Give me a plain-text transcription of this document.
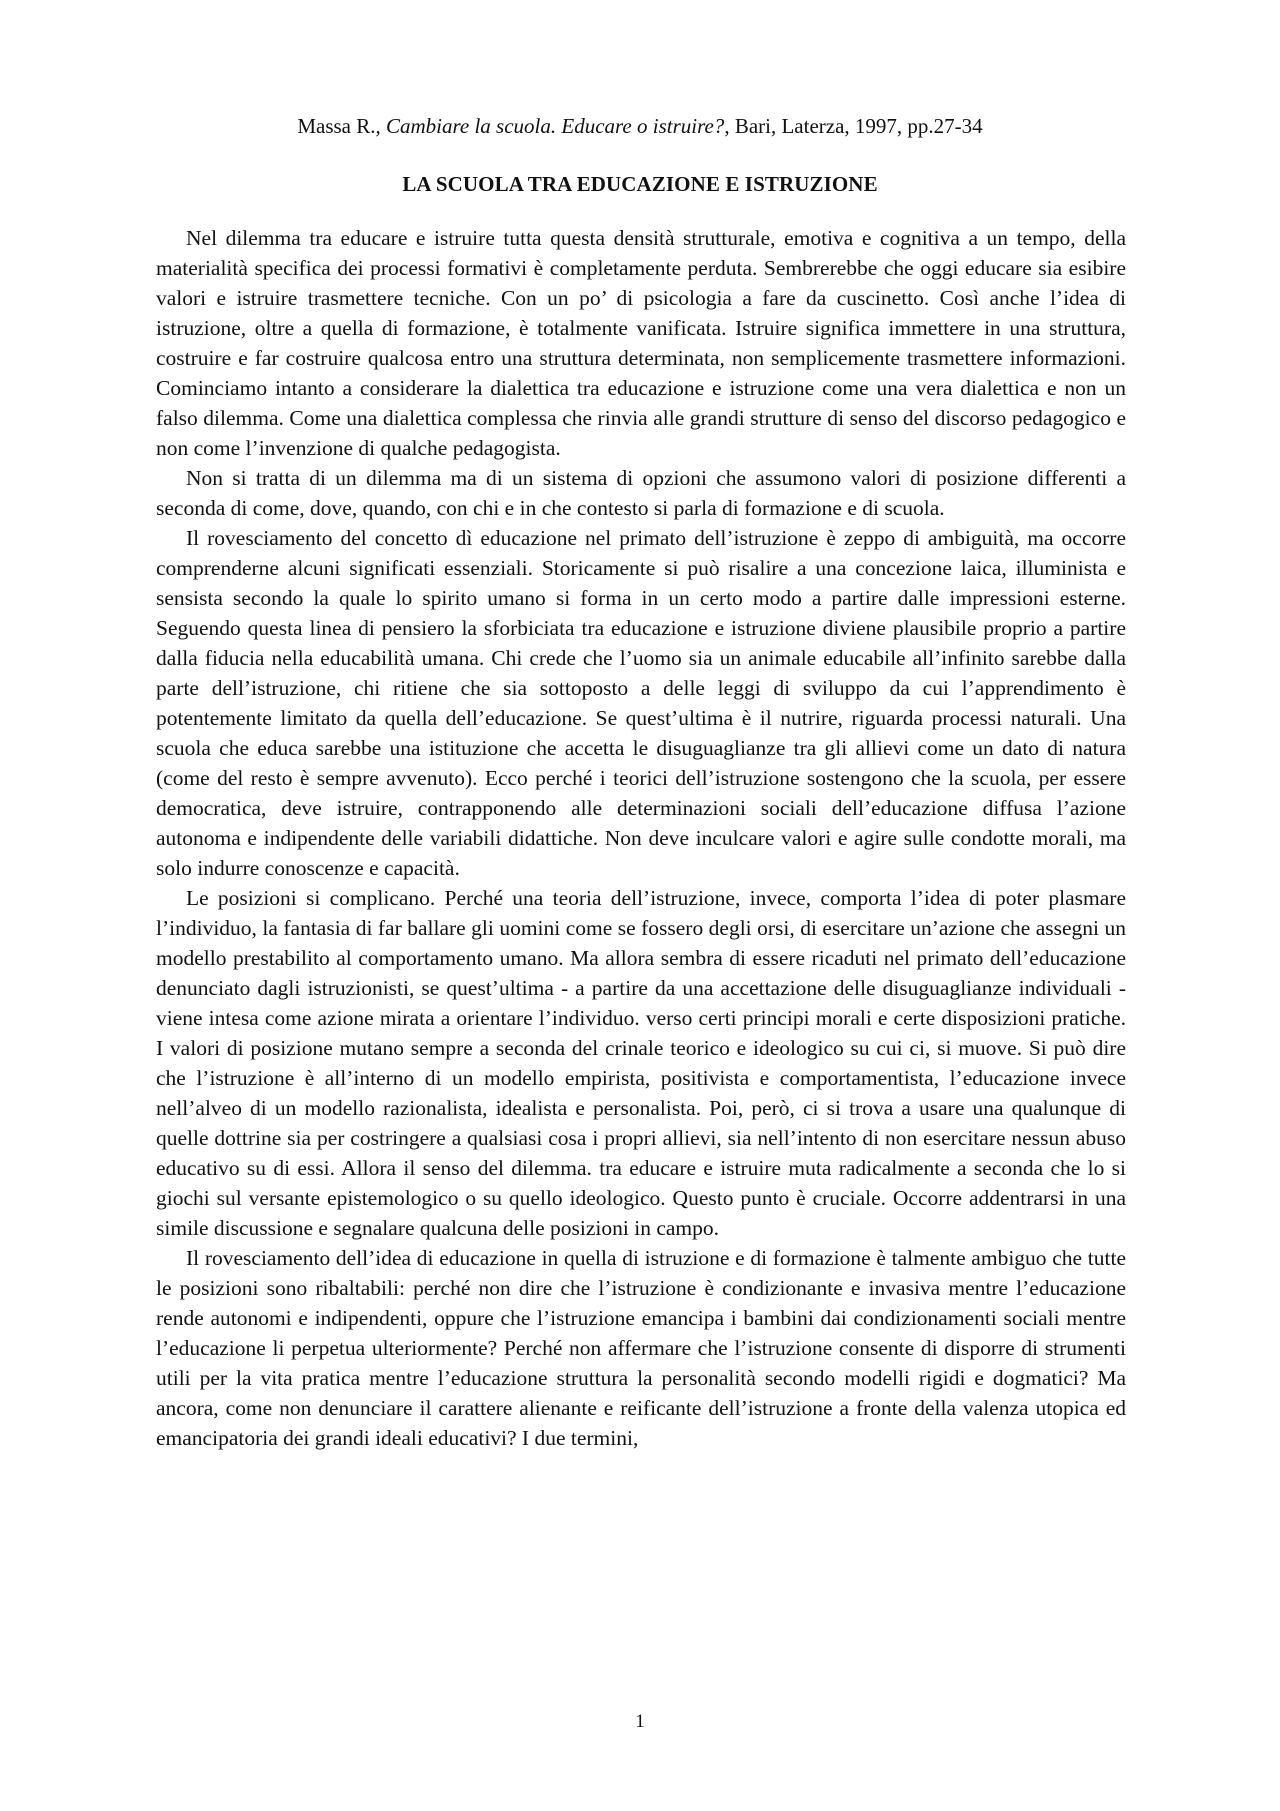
Massa R., Cambiare la scuola. Educare o istruire?, Bari, Laterza, 1997, pp.27-34
LA SCUOLA TRA EDUCAZIONE E ISTRUZIONE

Nel dilemma tra educare e istruire tutta questa densità strutturale, emotiva e cognitiva a un tempo, della materialità specifica dei processi formativi è completamente perduta. Sembrerebbe che oggi educare sia esibire valori e istruire trasmettere tecniche. Con un po’ di psicologia a fare da cuscinetto. Così anche l’idea di istruzione, oltre a quella di formazione, è totalmente vanificata. Istruire significa immettere in una struttura, costruire e far costruire qualcosa entro una struttura determinata, non semplicemente trasmettere informazioni. Cominciamo intanto a considerare la dialettica tra educazione e istruzione come una vera dialettica e non un falso dilemma. Come una dialettica complessa che rinvia alle grandi strutture di senso del discorso pedagogico e non come l’invenzione di qualche pedagogista.

Non si tratta di un dilemma ma di un sistema di opzioni che assumono valori di posizione differenti a seconda di come, dove, quando, con chi e in che contesto si parla di formazione e di scuola.

Il rovesciamento del concetto dì educazione nel primato dell’istruzione è zeppo di ambiguità, ma occorre comprenderne alcuni significati essenziali. Storicamente si può risalire a una concezione laica, illuminista e sensista secondo la quale lo spirito umano si forma in un certo modo a partire dalle impressioni esterne. Seguendo questa linea di pensiero la sforbiciata tra educazione e istruzione diviene plausibile proprio a partire dalla fiducia nella educabilità umana. Chi crede che l’uomo sia un animale educabile all’infinito sarebbe dalla parte dell’istruzione, chi ritiene che sia sottoposto a delle leggi di sviluppo da cui l’apprendimento è potentemente limitato da quella dell’educazione. Se quest’ultima è il nutrire, riguarda processi naturali. Una scuola che educa sarebbe una istituzione che accetta le disuguaglianze tra gli allievi come un dato di natura (come del resto è sempre avvenuto). Ecco perché i teorici dell’istruzione sostengono che la scuola, per essere democratica, deve istruire, contrapponendo alle determinazioni sociali dell’educazione diffusa l’azione autonoma e indipendente delle variabili didattiche. Non deve inculcare valori e agire sulle condotte morali, ma solo indurre conoscenze e capacità.

Le posizioni si complicano. Perché una teoria dell’istruzione, invece, comporta l’idea di poter plasmare l’individuo, la fantasia di far ballare gli uomini come se fossero degli orsi, di esercitare un’azione che assegni un modello prestabilito al comportamento umano. Ma allora sembra di essere ricaduti nel primato dell’educazione denunciato dagli istruzionisti, se quest’ultima - a partire da una accettazione delle disuguaglianze individuali - viene intesa come azione mirata a orientare l’individuo. verso certi principi morali e certe disposizioni pratiche. I valori di posizione mutano sempre a seconda del crinale teorico e ideologico su cui ci, si muove. Si può dire che l’istruzione è all’interno di un modello empirista, positivista e comportamentista, l’educazione invece nell’alveo di un modello razionalista, idealista e personalista. Poi, però, ci si trova a usare una qualunque di quelle dottrine sia per costringere a qualsiasi cosa i propri allievi, sia nell’intento di non esercitare nessun abuso educativo su di essi. Allora il senso del dilemma. tra educare e istruire muta radicalmente a seconda che lo si giochi sul versante epistemologico o su quello ideologico. Questo punto è cruciale. Occorre addentrarsi in una simile discussione e segnalare qualcuna delle posizioni in campo.

Il rovesciamento dell’idea di educazione in quella di istruzione e di formazione è talmente ambiguo che tutte le posizioni sono ribaltabili: perché non dire che l’istruzione è condizionante e invasiva mentre l’educazione rende autonomi e indipendenti, oppure che l’istruzione emancipa i bambini dai condizionamenti sociali mentre l’educazione li perpetua ulteriormente? Perché non affermare che l’istruzione consente di disporre di strumenti utili per la vita pratica mentre l’educazione struttura la personalità secondo modelli rigidi e dogmatici? Ma ancora, come non denunciare il carattere alienante e reificante dell’istruzione a fronte della valenza utopica ed emancipatoria dei grandi ideali educativi? I due termini,

1
